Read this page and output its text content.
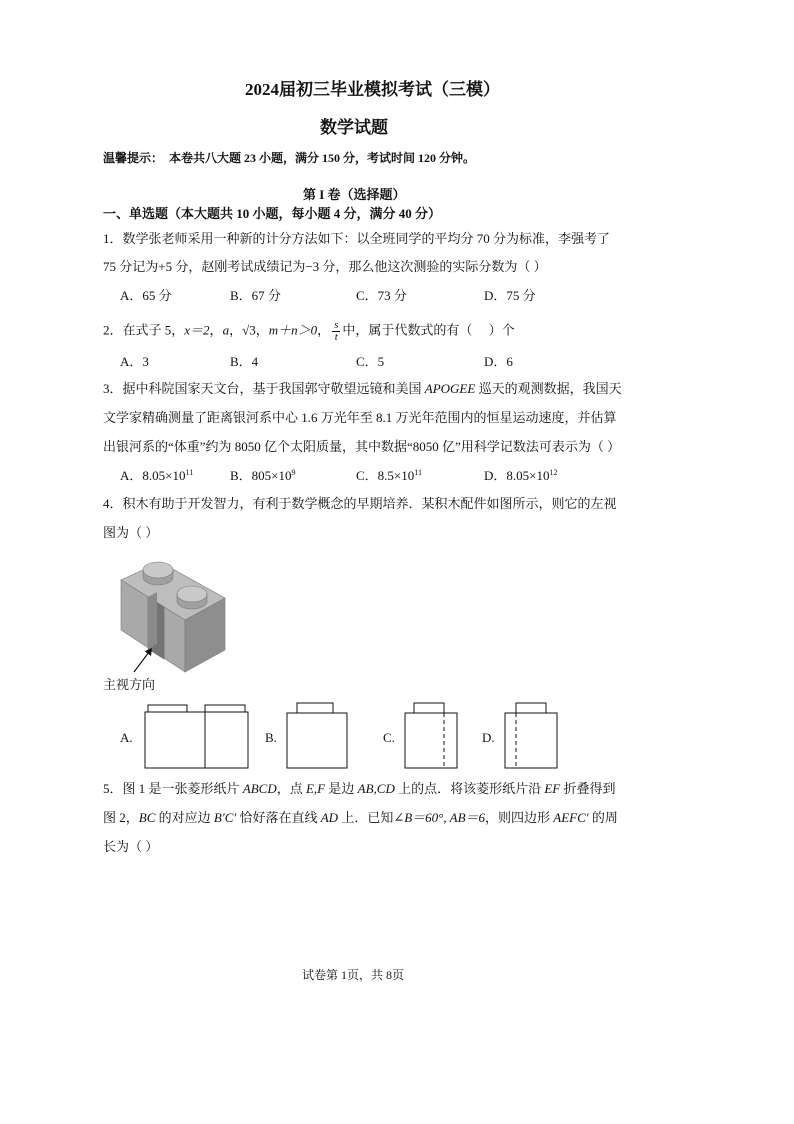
2024届初三毕业模拟考试（三模）
数学试题
温馨提示： 本卷共八大题 23 小题，满分 150 分，考试时间 120 分钟。
第 I 卷（选择题）
一、单选题（本大题共 10 小题，每小题 4 分，满分 40 分）
1．数学张老师采用一种新的计分方法如下：以全班同学的平均分 70 分为标准，李强考了
75 分记为+5 分，赵刚考试成绩记为−3 分，那么他这次测验的实际分数为（ ）
A．65 分	B．67 分	C．73 分	D．75 分
2．在式子 5，x＝2，a，√3，m＋n＞0， $\frac{s}{t}$ 中，属于代数式的有（　 ）个
A．3	B．4	C．5	D．6
3．据中科院国家天文台，基于我国郭守敬望远镜和美国 APOGEE 巡天的观测数据，我国天
文学家精确测量了距离银河系中心 1.6 万光年至 8.1 万光年范围内的恒星运动速度，并估算
出银河系的“体重”约为 8050 亿个太阳质量，其中数据“8050 亿”用科学记数法可表示为（ ）
A．$8.05\times 10^{11}$	B．$805\times 10^9$	C．$8.5\times 10^{11}$	D．$8.05\times 10^{12}$
4．积木有助于开发智力，有利于数学概念的早期培养．某积木配件如图所示，则它的左视
图为（ ）
主视方向
A.	B.	C.	D.
5．图 1 是一张菱形纸片 ABCD，点 E,F 是边 AB,CD 上的点．将该菱形纸片沿 EF 折叠得到
图 2，BC 的对应边 B′C′ 恰好落在直线 AD 上．已知∠B＝60°, AB＝6，则四边形 AEFC′ 的周
长为（ ）
试卷第 1页，共 8页
